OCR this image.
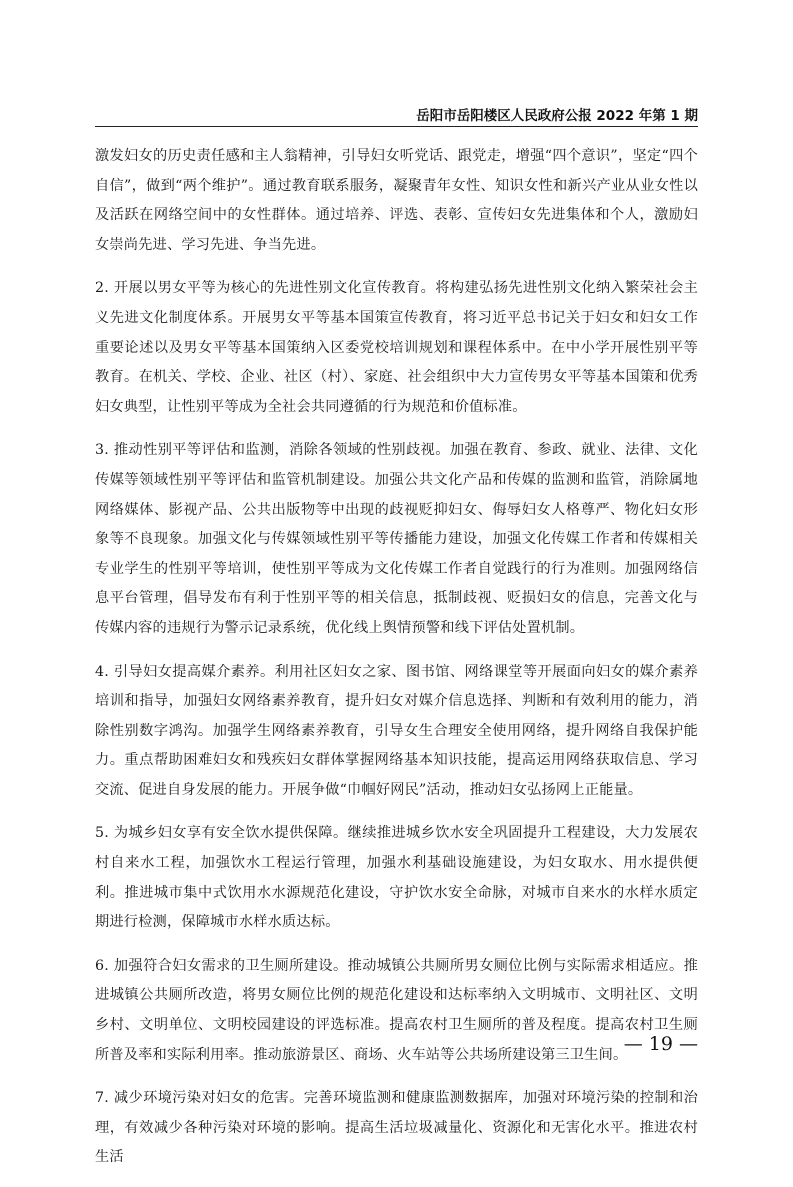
岳阳市岳阳楼区人民政府公报 2022 年第 1 期

激发妇女的历史责任感和主人翁精神，引导妇女听党话、跟党走，增强“四个意识”，坚定“四个自信”，做到“两个维护”。通过教育联系服务，凝聚青年女性、知识女性和新兴产业从业女性以及活跃在网络空间中的女性群体。通过培养、评选、表彰、宣传妇女先进集体和个人，激励妇女崇尚先进、学习先进、争当先进。

2. 开展以男女平等为核心的先进性别文化宣传教育。将构建弘扬先进性别文化纳入繁荣社会主义先进文化制度体系。开展男女平等基本国策宣传教育，将习近平总书记关于妇女和妇女工作重要论述以及男女平等基本国策纳入区委党校培训规划和课程体系中。在中小学开展性别平等教育。在机关、学校、企业、社区（村）、家庭、社会组织中大力宣传男女平等基本国策和优秀妇女典型，让性别平等成为全社会共同遵循的行为规范和价值标准。

3. 推动性别平等评估和监测，消除各领域的性别歧视。加强在教育、参政、就业、法律、文化传媒等领域性别平等评估和监管机制建设。加强公共文化产品和传媒的监测和监管，消除属地网络媒体、影视产品、公共出版物等中出现的歧视贬抑妇女、侮辱妇女人格尊严、物化妇女形象等不良现象。加强文化与传媒领域性别平等传播能力建设，加强文化传媒工作者和传媒相关专业学生的性别平等培训，使性别平等成为文化传媒工作者自觉践行的行为准则。加强网络信息平台管理，倡导发布有利于性别平等的相关信息，抵制歧视、贬损妇女的信息，完善文化与传媒内容的违规行为警示记录系统，优化线上舆情预警和线下评估处置机制。

4. 引导妇女提高媒介素养。利用社区妇女之家、图书馆、网络课堂等开展面向妇女的媒介素养培训和指导，加强妇女网络素养教育，提升妇女对媒介信息选择、判断和有效利用的能力，消除性别数字鸿沟。加强学生网络素养教育，引导女生合理安全使用网络，提升网络自我保护能力。重点帮助困难妇女和残疾妇女群体掌握网络基本知识技能，提高运用网络获取信息、学习交流、促进自身发展的能力。开展争做“巾帼好网民”活动，推动妇女弘扬网上正能量。

5. 为城乡妇女享有安全饮水提供保障。继续推进城乡饮水安全巩固提升工程建设，大力发展农村自来水工程，加强饮水工程运行管理，加强水利基础设施建设，为妇女取水、用水提供便利。推进城市集中式饮用水水源规范化建设，守护饮水安全命脉，对城市自来水的水样水质定期进行检测，保障城市水样水质达标。

6. 加强符合妇女需求的卫生厕所建设。推动城镇公共厕所男女厕位比例与实际需求相适应。推进城镇公共厕所改造，将男女厕位比例的规范化建设和达标率纳入文明城市、文明社区、文明乡村、文明单位、文明校园建设的评选标准。提高农村卫生厕所的普及程度。提高农村卫生厕所普及率和实际利用率。推动旅游景区、商场、火车站等公共场所建设第三卫生间。

7. 减少环境污染对妇女的危害。完善环境监测和健康监测数据库，加强对环境污染的控制和治理，有效减少各种污染对环境的影响。提高生活垃圾减量化、资源化和无害化水平。推进农村生活

— 19 —
